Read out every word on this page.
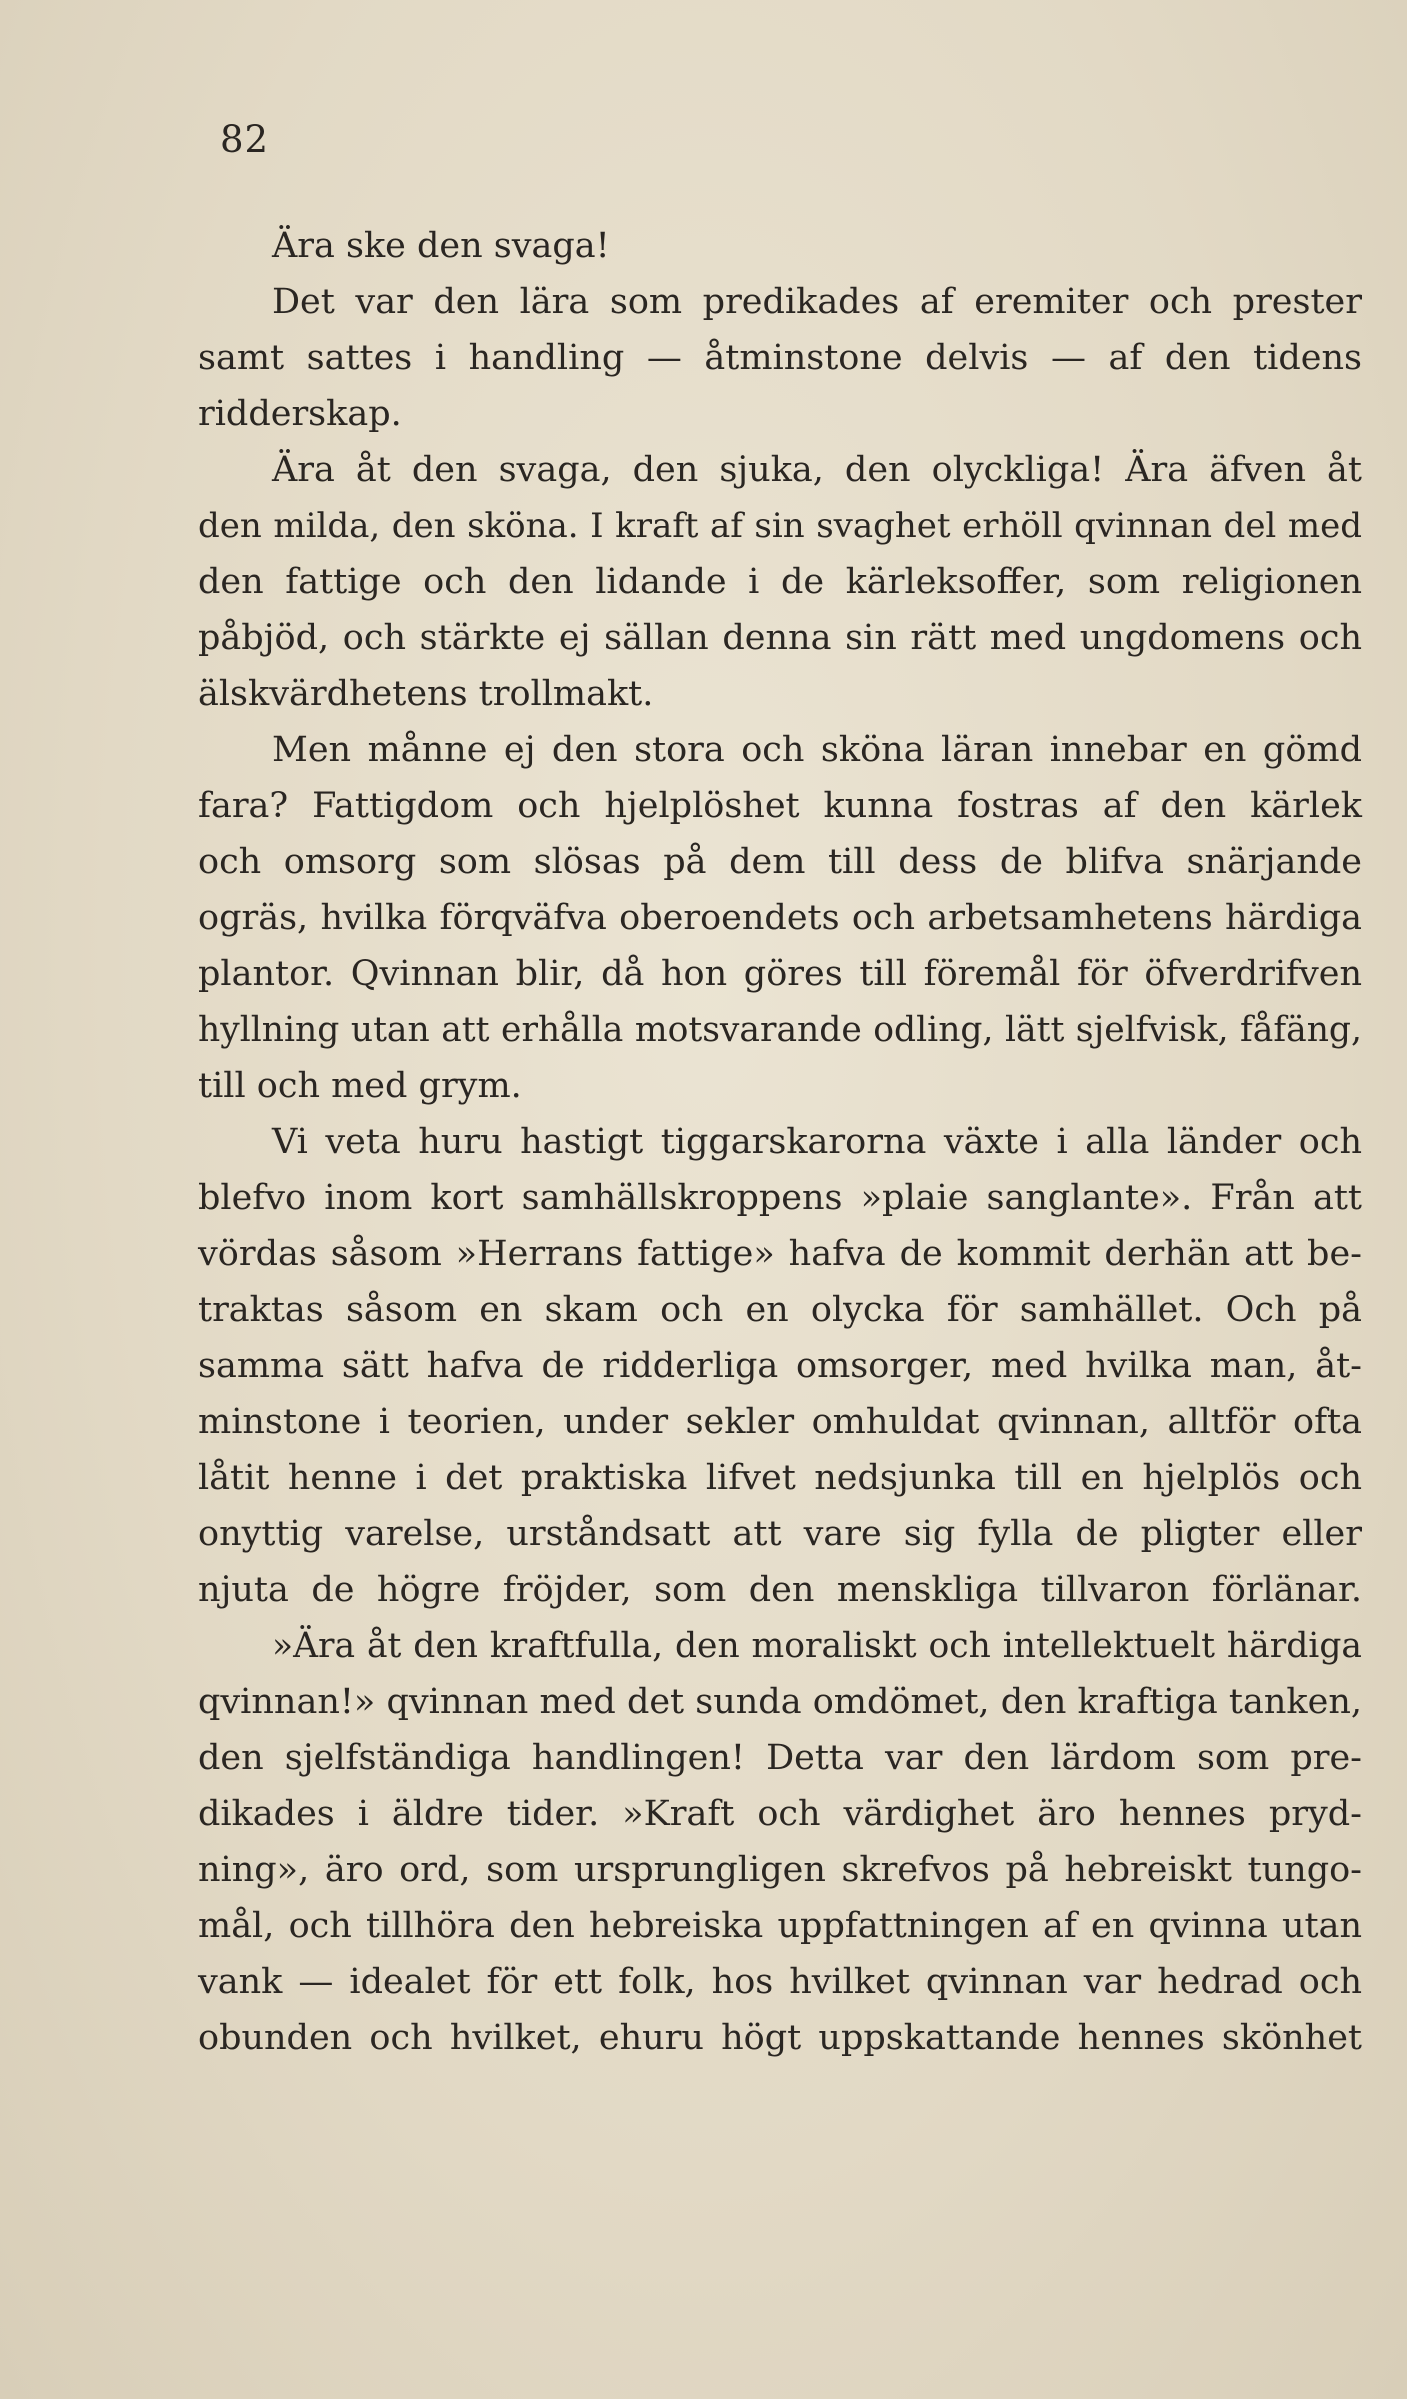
82
Ära ske den svaga!
Det var den lära som predikades af eremiter och prester
samt sattes i handling — åtminstone delvis — af den tidens
ridderskap.
Ära åt den svaga, den sjuka, den olyckliga! Ära äfven åt
den milda, den sköna. I kraft af sin svaghet erhöll qvinnan del med
den fattige och den lidande i de kärleksoffer, som religionen
påbjöd, och stärkte ej sällan denna sin rätt med ungdomens och
älskvärdhetens trollmakt.
Men månne ej den stora och sköna läran innebar en gömd
fara? Fattigdom och hjelplöshet kunna fostras af den kärlek
och omsorg som slösas på dem till dess de blifva snärjande
ogräs, hvilka förqväfva oberoendets och arbetsamhetens härdiga
plantor. Qvinnan blir, då hon göres till föremål för öfverdrifven
hyllning utan att erhålla motsvarande odling, lätt sjelfvisk, fåfäng,
till och med grym.
Vi veta huru hastigt tiggarskarorna växte i alla länder och
blefvo inom kort samhällskroppens »plaie sanglante». Från att
vördas såsom »Herrans fattige» hafva de kommit derhän att be-
traktas såsom en skam och en olycka för samhället. Och på
samma sätt hafva de ridderliga omsorger, med hvilka man, åt-
minstone i teorien, under sekler omhuldat qvinnan, alltför ofta
låtit henne i det praktiska lifvet nedsjunka till en hjelplös och
onyttig varelse, urståndsatt att vare sig fylla de pligter eller
njuta de högre fröjder, som den menskliga tillvaron förlänar.
»Ära åt den kraftfulla, den moraliskt och intellektuelt härdiga
qvinnan!» qvinnan med det sunda omdömet, den kraftiga tanken,
den sjelfständiga handlingen! Detta var den lärdom som pre-
dikades i äldre tider. »Kraft och värdighet äro hennes pryd-
ning», äro ord, som ursprungligen skrefvos på hebreiskt tungo-
mål, och tillhöra den hebreiska uppfattningen af en qvinna utan
vank — idealet för ett folk, hos hvilket qvinnan var hedrad och
obunden och hvilket, ehuru högt uppskattande hennes skönhet
